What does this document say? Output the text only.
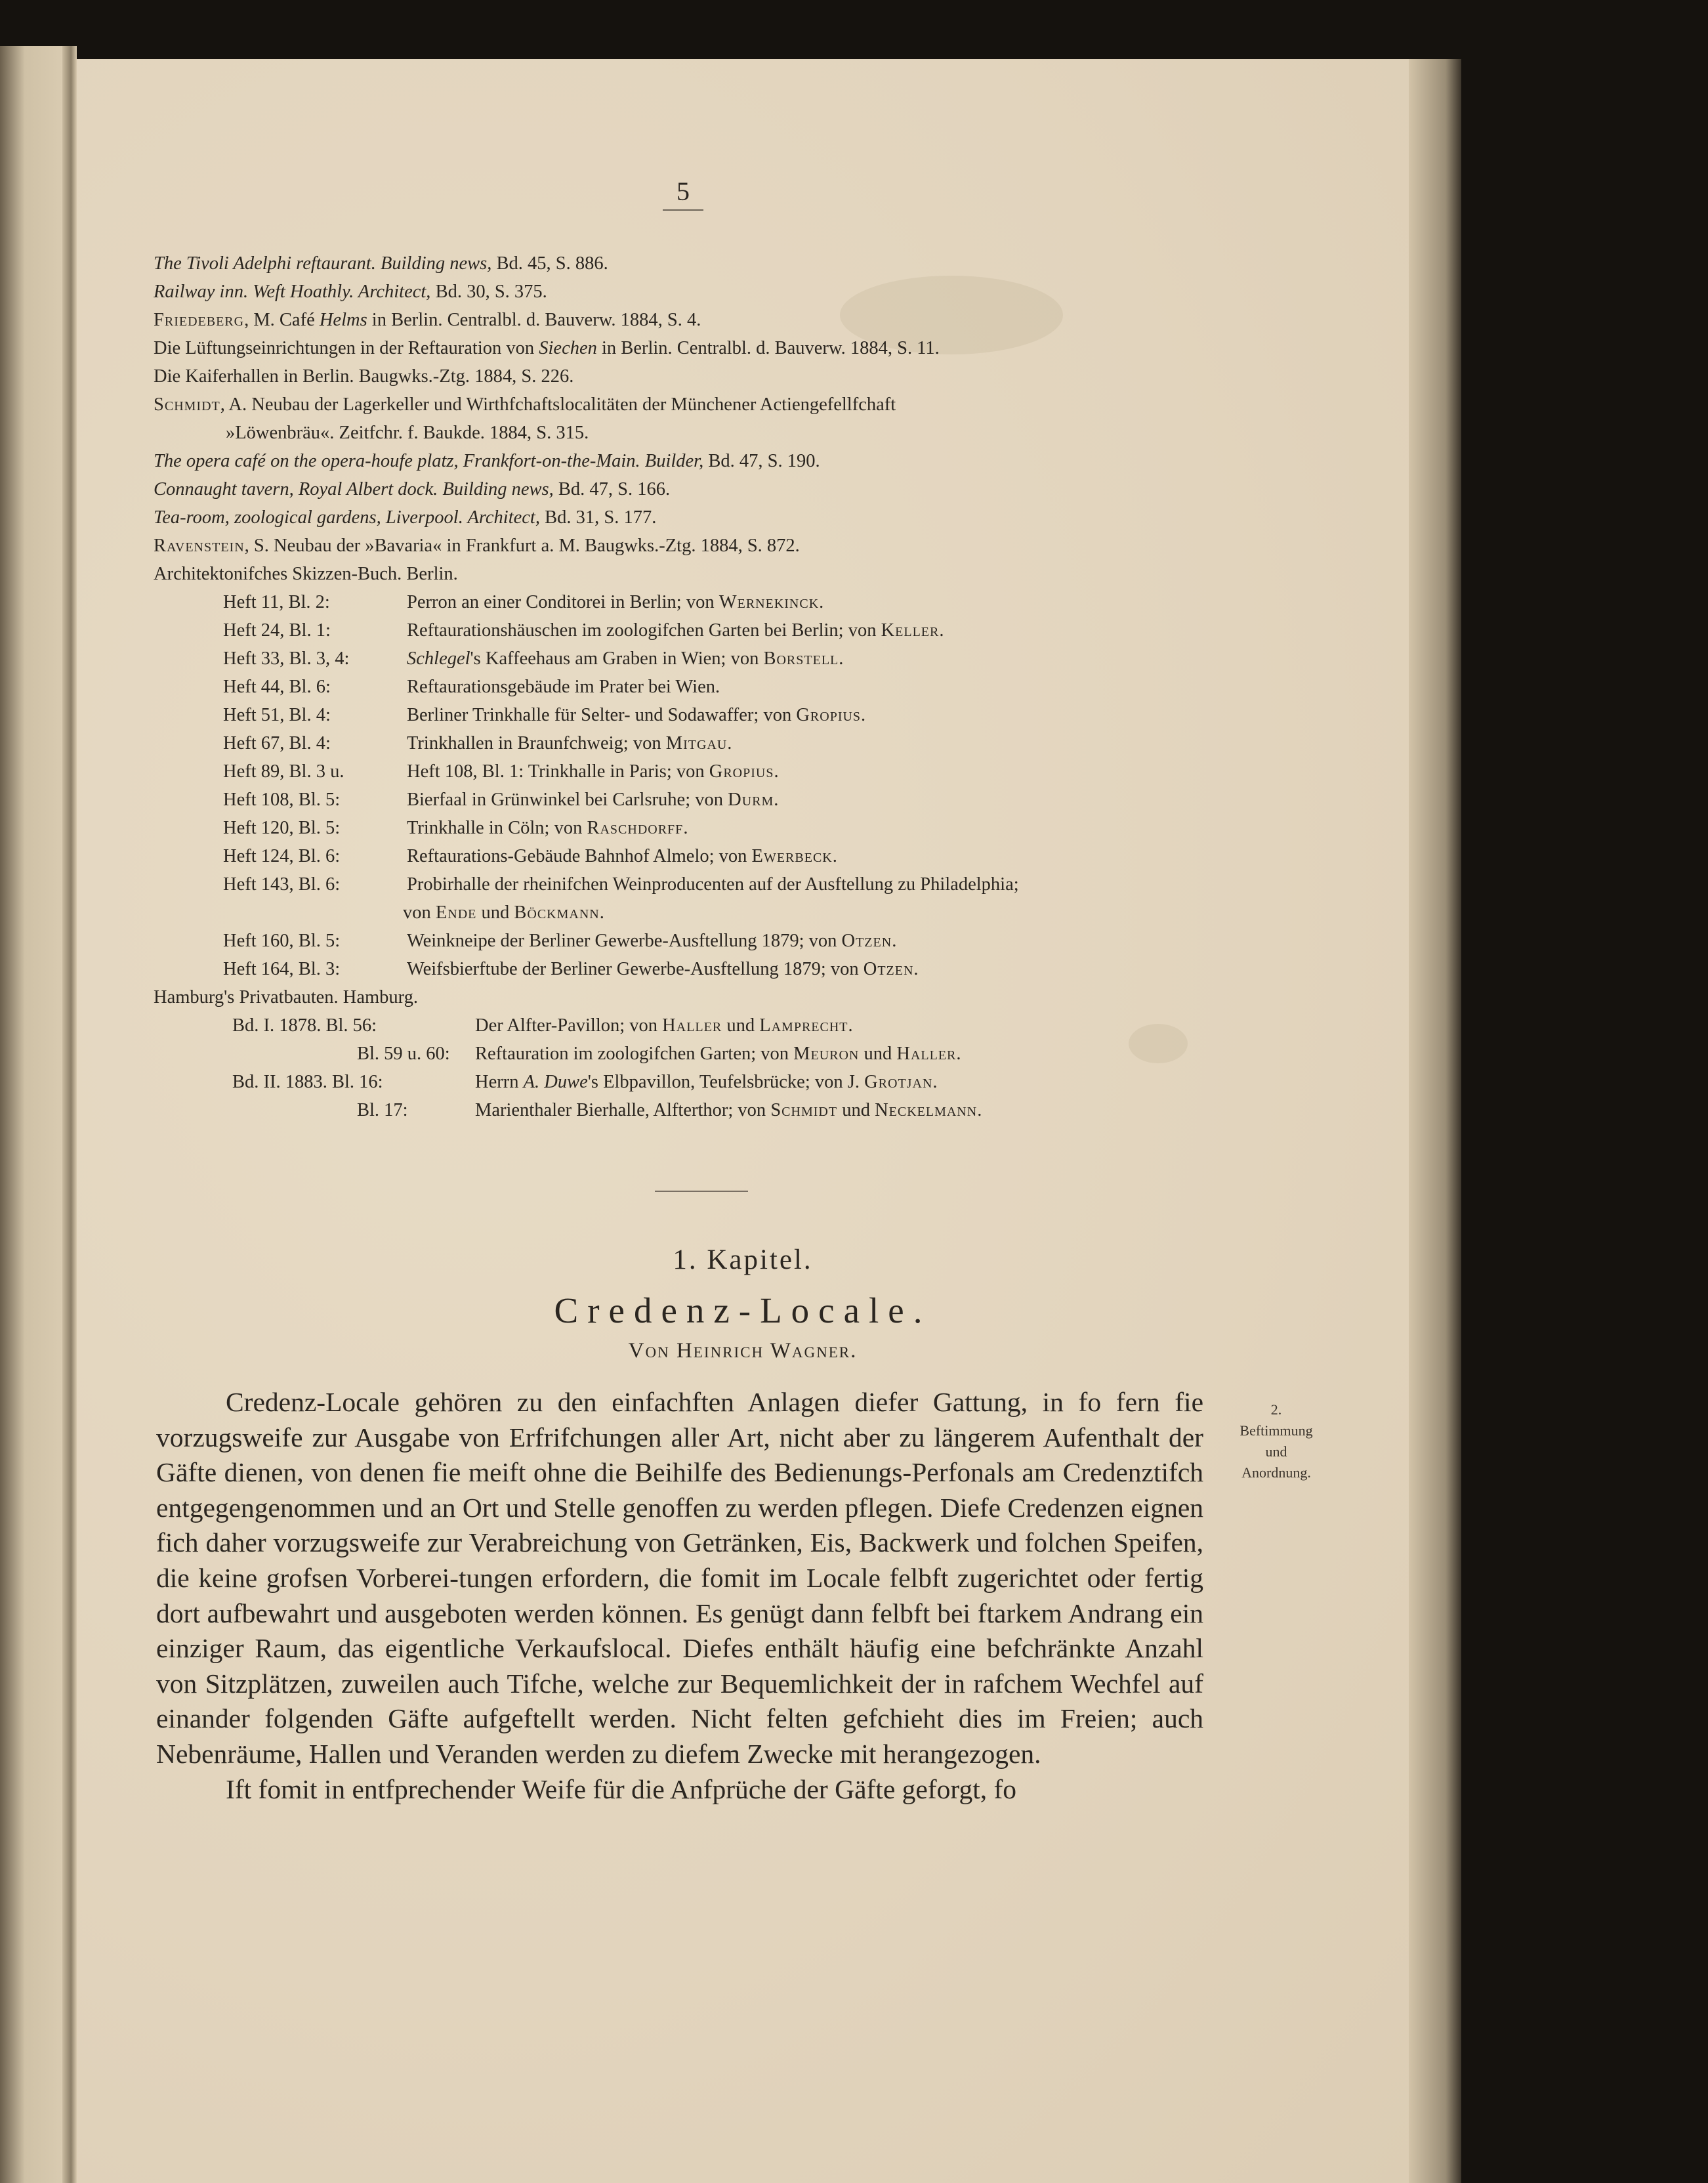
5
The Tivoli Adelphi reftaurant. Building news, Bd. 45, S. 886.
Railway inn. Weft Hoathly. Architect, Bd. 30, S. 375.
Friedeberg, M. Café Helms in Berlin. Centralbl. d. Bauverw. 1884, S. 4.
Die Lüftungseinrichtungen in der Reftauration von Siechen in Berlin. Centralbl. d. Bauverw. 1884, S. 11.
Die Kaiferhallen in Berlin. Baugwks.-Ztg. 1884, S. 226.
Schmidt, A. Neubau der Lagerkeller und Wirthfchaftslocalitäten der Münchener Actiengefellfchaft
»Löwenbräu«. Zeitfchr. f. Baukde. 1884, S. 315.
The opera café on the opera-houfe platz, Frankfort-on-the-Main. Builder, Bd. 47, S. 190.
Connaught tavern, Royal Albert dock. Building news, Bd. 47, S. 166.
Tea-room, zoological gardens, Liverpool. Architect, Bd. 31, S. 177.
Ravenstein, S. Neubau der »Bavaria« in Frankfurt a. M. Baugwks.-Ztg. 1884, S. 872.
Architektonifches Skizzen-Buch. Berlin.
Heft 11, Bl. 2:	Perron an einer Conditorei in Berlin; von Wernekinck.
Heft 24, Bl. 1:	Reftaurationshäuschen im zoologifchen Garten bei Berlin; von Keller.
Heft 33, Bl. 3, 4:	Schlegel's Kaffeehaus am Graben in Wien; von Borstell.
Heft 44, Bl. 6:	Reftaurationsgebäude im Prater bei Wien.
Heft 51, Bl. 4:	Berliner Trinkhalle für Selter- und Sodawaffer; von Gropius.
Heft 67, Bl. 4:	Trinkhallen in Braunfchweig; von Mitgau.
Heft 89, Bl. 3 u.	Heft 108, Bl. 1: Trinkhalle in Paris; von Gropius.
Heft 108, Bl. 5:	Bierfaal in Grünwinkel bei Carlsruhe; von Durm.
Heft 120, Bl. 5:	Trinkhalle in Cöln; von Raschdorff.
Heft 124, Bl. 6:	Reftaurations-Gebäude Bahnhof Almelo; von Ewerbeck.
Heft 143, Bl. 6:	Probirhalle der rheinifchen Weinproducenten auf der Ausftellung zu Philadelphia;
von Ende und Böckmann.
Heft 160, Bl. 5:	Weinkneipe der Berliner Gewerbe-Ausftellung 1879; von Otzen.
Heft 164, Bl. 3:	Weifsbierftube der Berliner Gewerbe-Ausftellung 1879; von Otzen.
Hamburg's Privatbauten. Hamburg.
Bd. I. 1878. Bl. 56:	Der Alfter-Pavillon; von Haller und Lamprecht.
Bl. 59 u. 60: Reftauration im zoologifchen Garten; von Meuron und Haller.
Bd. II. 1883. Bl. 16:	Herrn A. Duwe's Elbpavillon, Teufelsbrücke; von J. Grotjan.
Bl. 17:	Marienthaler Bierhalle, Alfterthor; von Schmidt und Neckelmann.
1. Kapitel.
Credenz-Locale.
Von Heinrich Wagner.
2.
Beftimmung
und
Anordnung.

Credenz-Locale gehören zu den einfachften Anlagen diefer Gattung, in fo fern fie vorzugsweife zur Ausgabe von Erfrifchungen aller Art, nicht aber zu längerem Aufenthalt der Gäfte dienen, von denen fie meift ohne die Beihilfe des Bedienungs-Perfonals am Credenztifch entgegengenommen und an Ort und Stelle genoffen zu werden pflegen. Diefe Credenzen eignen fich daher vorzugsweife zur Verabreichung von Getränken, Eis, Backwerk und folchen Speifen, die keine grofsen Vorberei-tungen erfordern, die fomit im Locale felbft zugerichtet oder fertig dort aufbewahrt und ausgeboten werden können. Es genügt dann felbft bei ftarkem Andrang ein einziger Raum, das eigentliche Verkaufslocal. Diefes enthält häufig eine befchränkte Anzahl von Sitzplätzen, zuweilen auch Tifche, welche zur Bequemlichkeit der in rafchem Wechfel auf einander folgenden Gäfte aufgeftellt werden. Nicht felten gefchieht dies im Freien; auch Nebenräume, Hallen und Veranden werden zu diefem Zwecke mit herangezogen.

Ift fomit in entfprechender Weife für die Anfprüche der Gäfte geforgt, fo
